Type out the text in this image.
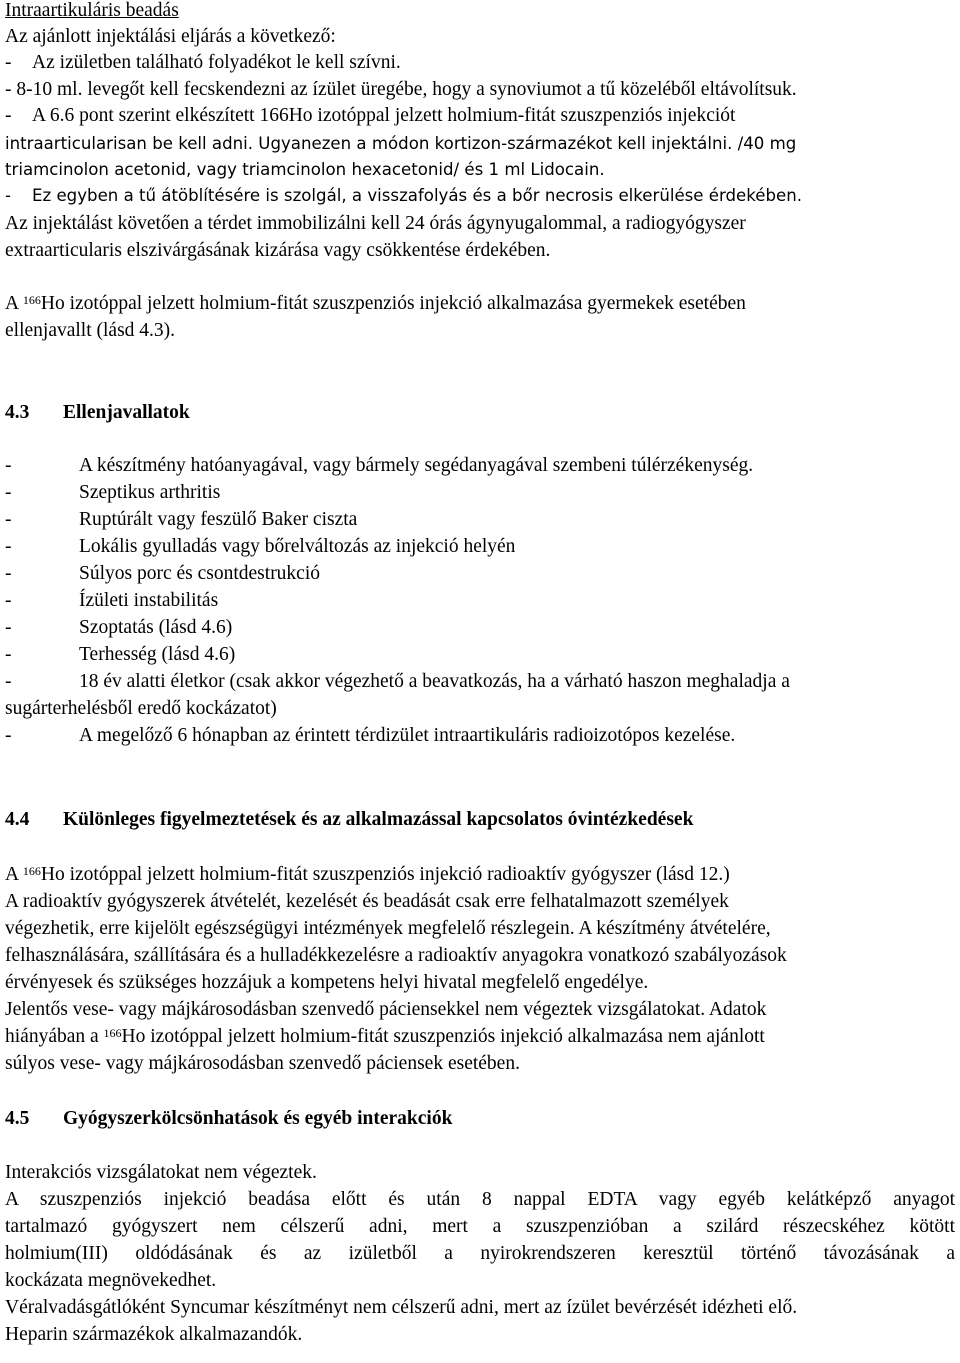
Intraartikuláris beadás
Az ajánlott injektálási eljárás a következő:
- Az izületben található folyadékot le kell szívni.
- 8-10 ml. levegőt kell fecskendezni az ízület üregébe, hogy a synoviumot a tű közeléből eltávolítsuk.
- A 6.6 pont szerint elkészített 166Ho izotóppal jelzett holmium-fitát szuszpenziós injekciót
intraarticularisan be kell adni. Ugyanezen a módon kortizon-származékot kell injektálni. /40 mg
triamcinolon acetonid, vagy triamcinolon hexacetonid/ és 1 ml Lidocain.
- Ez egyben a tű átöblítésére is szolgál, a visszafolyás és a bőr necrosis elkerülése érdekében.
Az injektálást követően a térdet immobilizálni kell 24 órás ágynyugalommal, a radiogyógyszer
extraarticularis elszivárgásának kizárása vagy csökkentése érdekében.
A $^{166}$Ho izotóppal jelzett holmium-fitát szuszpenziós injekció alkalmazása gyermekek esetében
ellenjavallt (lásd 4.3).
4.3 Ellenjavallatok
-	A készítmény hatóanyagával, vagy bármely segédanyagával szembeni túlérzékenység.
-	Szeptikus arthritis
-	Ruptúrált vagy feszülő Baker ciszta
-	Lokális gyulladás vagy bőrelváltozás az injekció helyén
-	Súlyos porc és csontdestrukció
-	Ízületi instabilitás
-	Szoptatás (lásd 4.6)
-	Terhesség (lásd 4.6)
-	18 év alatti életkor (csak akkor végezhető a beavatkozás, ha a várható haszon meghaladja a
sugárterhelésből eredő kockázatot)
-	A megelőző 6 hónapban az érintett térdizület intraartikuláris radioizotópos kezelése.
4.4 Különleges figyelmeztetések és az alkalmazással kapcsolatos óvintézkedések
A $^{166}$Ho izotóppal jelzett holmium-fitát szuszpenziós injekció radioaktív gyógyszer (lásd 12.)
A radioaktív gyógyszerek átvételét, kezelését és beadását csak erre felhatalmazott személyek
végezhetik, erre kijelölt egészségügyi intézmények megfelelő részlegein. A készítmény átvételére,
felhasználására, szállítására és a hulladékkezelésre a radioaktív anyagokra vonatkozó szabályozások
érvényesek és szükséges hozzájuk a kompetens helyi hivatal megfelelő engedélye.
Jelentős vese- vagy májkárosodásban szenvedő páciensekkel nem végeztek vizsgálatokat. Adatok
hiányában a $^{166}$Ho izotóppal jelzett holmium-fitát szuszpenziós injekció alkalmazása nem ajánlott
súlyos vese- vagy májkárosodásban szenvedő páciensek esetében.
4.5 Gyógyszerkölcsönhatások és egyéb interakciók
Interakciós vizsgálatokat nem végeztek.
A szuszpenziós injekció beadása előtt és után 8 nappal EDTA vagy egyéb kelátképző anyagot
tartalmazó gyógyszert nem célszerű adni, mert a szuszpenzióban a szilárd részecskéhez kötött
holmium(III) oldódásának és az izületből a nyirokrendszeren keresztül történő távozásának a
kockázata megnövekedhet.
Véralvadásgátlóként Syncumar készítményt nem célszerű adni, mert az ízület bevérzését idézheti elő.
Heparin származékok alkalmazandók.
